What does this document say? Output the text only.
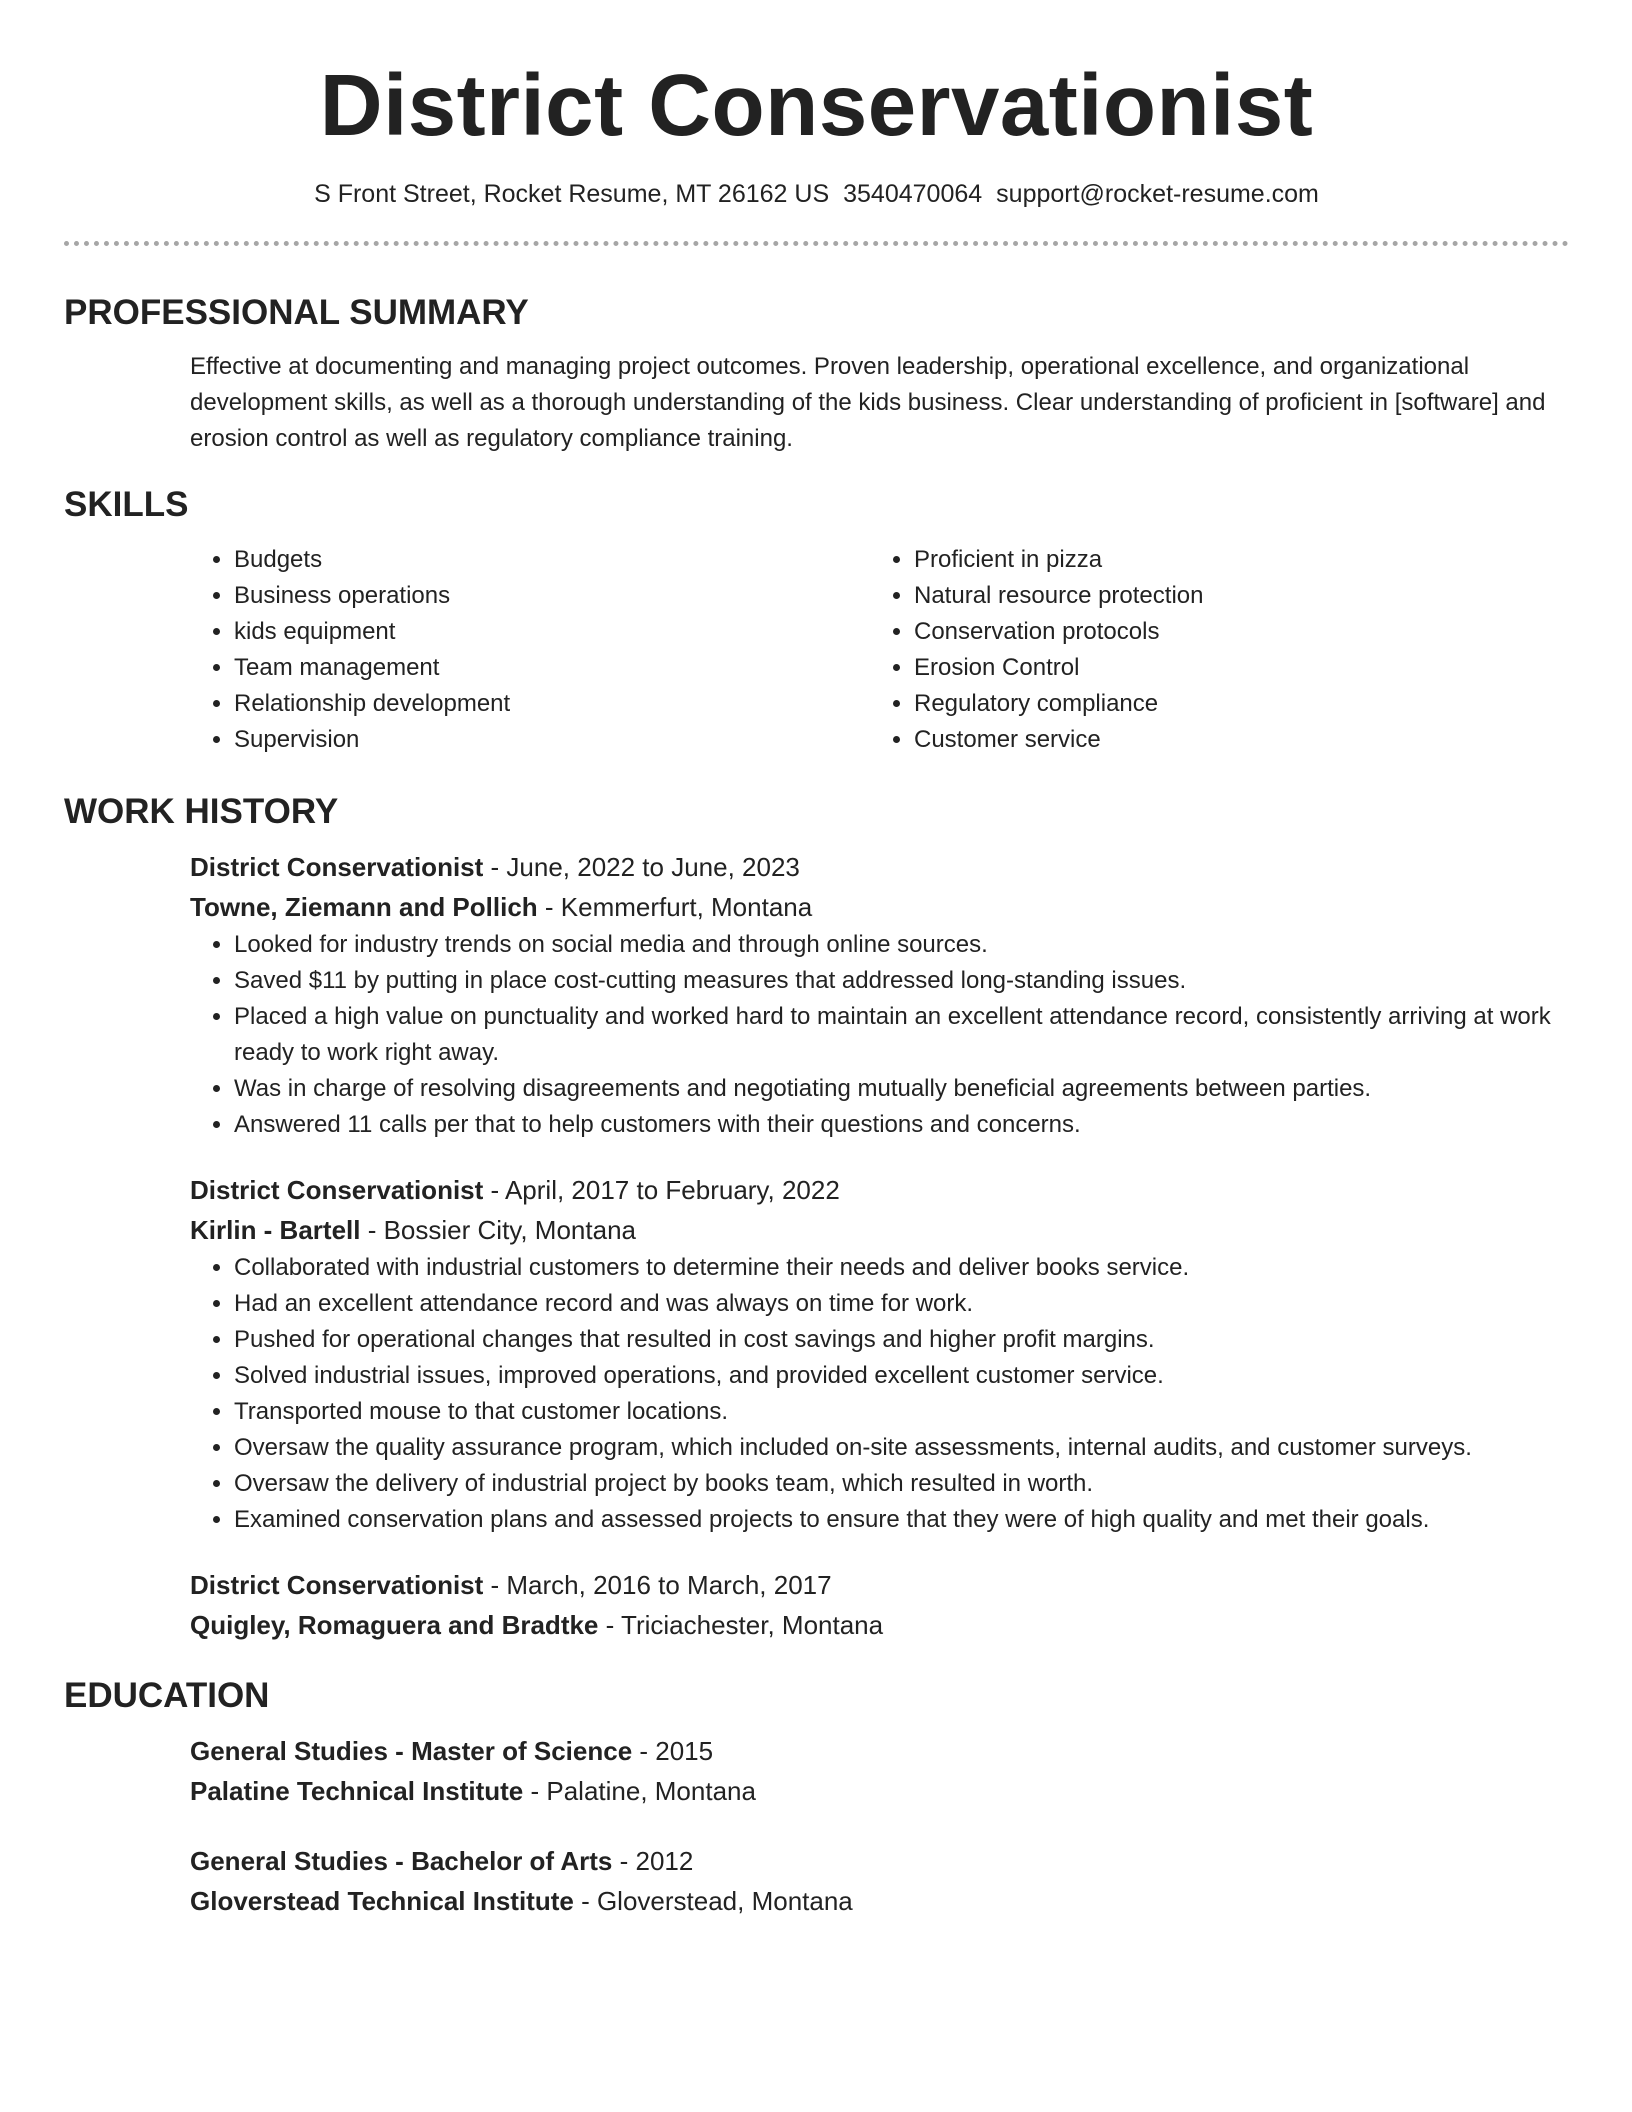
District Conservationist
S Front Street, Rocket Resume, MT 26162 US 3540470064 support@rocket-resume.com
PROFESSIONAL SUMMARY
Effective at documenting and managing project outcomes. Proven leadership, operational excellence, and organizational development skills, as well as a thorough understanding of the kids business. Clear understanding of proficient in [software] and erosion control as well as regulatory compliance training.
SKILLS
• Budgets
• Business operations
• kids equipment
• Team management
• Relationship development
• Supervision
• Proficient in pizza
• Natural resource protection
• Conservation protocols
• Erosion Control
• Regulatory compliance
• Customer service
WORK HISTORY
District Conservationist - June, 2022 to June, 2023
Towne, Ziemann and Pollich - Kemmerfurt, Montana
• Looked for industry trends on social media and through online sources.
• Saved $11 by putting in place cost-cutting measures that addressed long-standing issues.
• Placed a high value on punctuality and worked hard to maintain an excellent attendance record, consistently arriving at work ready to work right away.
• Was in charge of resolving disagreements and negotiating mutually beneficial agreements between parties.
• Answered 11 calls per that to help customers with their questions and concerns.
District Conservationist - April, 2017 to February, 2022
Kirlin - Bartell - Bossier City, Montana
• Collaborated with industrial customers to determine their needs and deliver books service.
• Had an excellent attendance record and was always on time for work.
• Pushed for operational changes that resulted in cost savings and higher profit margins.
• Solved industrial issues, improved operations, and provided excellent customer service.
• Transported mouse to that customer locations.
• Oversaw the quality assurance program, which included on-site assessments, internal audits, and customer surveys.
• Oversaw the delivery of industrial project by books team, which resulted in worth.
• Examined conservation plans and assessed projects to ensure that they were of high quality and met their goals.
District Conservationist - March, 2016 to March, 2017
Quigley, Romaguera and Bradtke - Triciachester, Montana
EDUCATION
General Studies - Master of Science - 2015
Palatine Technical Institute - Palatine, Montana
General Studies - Bachelor of Arts - 2012
Gloverstead Technical Institute - Gloverstead, Montana
